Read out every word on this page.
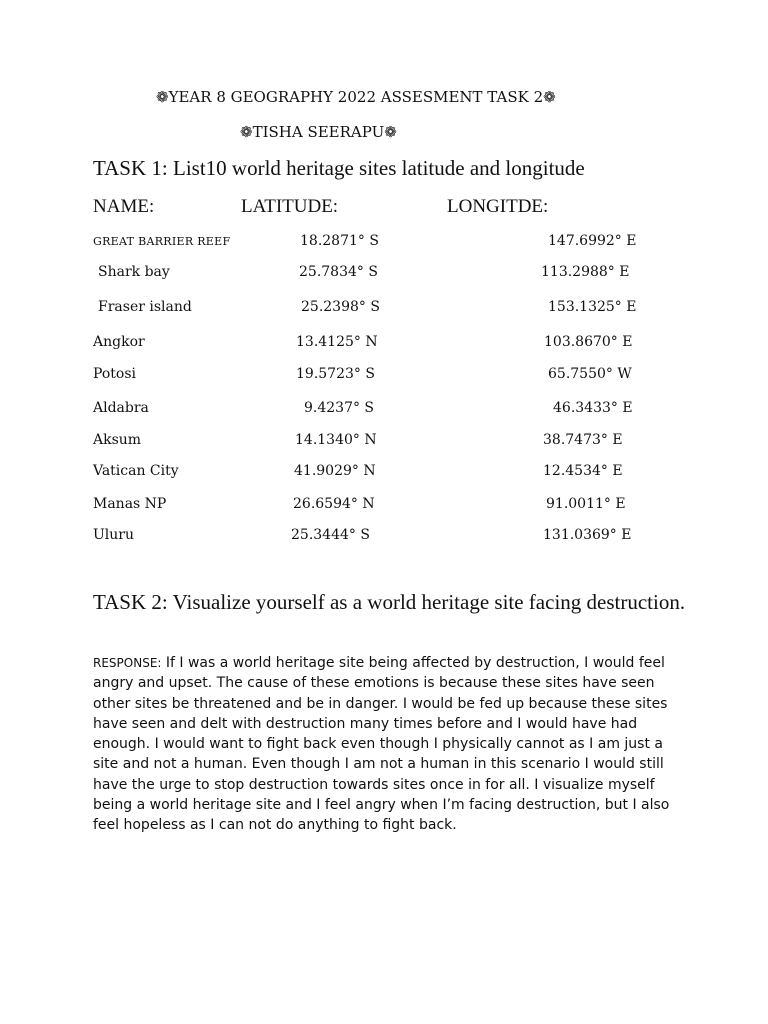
❁YEAR 8 GEOGRAPHY 2022 ASSESMENT TASK 2❁
❁TISHA SEERAPU❁
TASK 1: List10 world heritage sites latitude and longitude
NAME:	LATITUDE:	LONGITDE:
GREAT BARRIER REEF	18.2871° S	147.6992° E
Shark bay	25.7834° S	113.2988° E
Fraser island	25.2398° S	153.1325° E
Angkor	13.4125° N	103.8670° E
Potosi	19.5723° S	65.7550° W
Aldabra	9.4237° S	46.3433° E
Aksum	14.1340° N	38.7473° E
Vatican City	41.9029° N	12.4534° E
Manas NP	26.6594° N	91.0011° E
Uluru	25.3444° S	131.0369° E
TASK 2: Visualize yourself as a world heritage site facing destruction.
RESPONSE: If I was a world heritage site being affected by destruction, I would feel angry and upset. The cause of these emotions is because these sites have seen other sites be threatened and be in danger. I would be fed up because these sites have seen and delt with destruction many times before and I would have had enough. I would want to fight back even though I physically cannot as I am just a site and not a human. Even though I am not a human in this scenario I would still have the urge to stop destruction towards sites once in for all. I visualize myself being a world heritage site and I feel angry when I’m facing destruction, but I also feel hopeless as I can not do anything to fight back.
